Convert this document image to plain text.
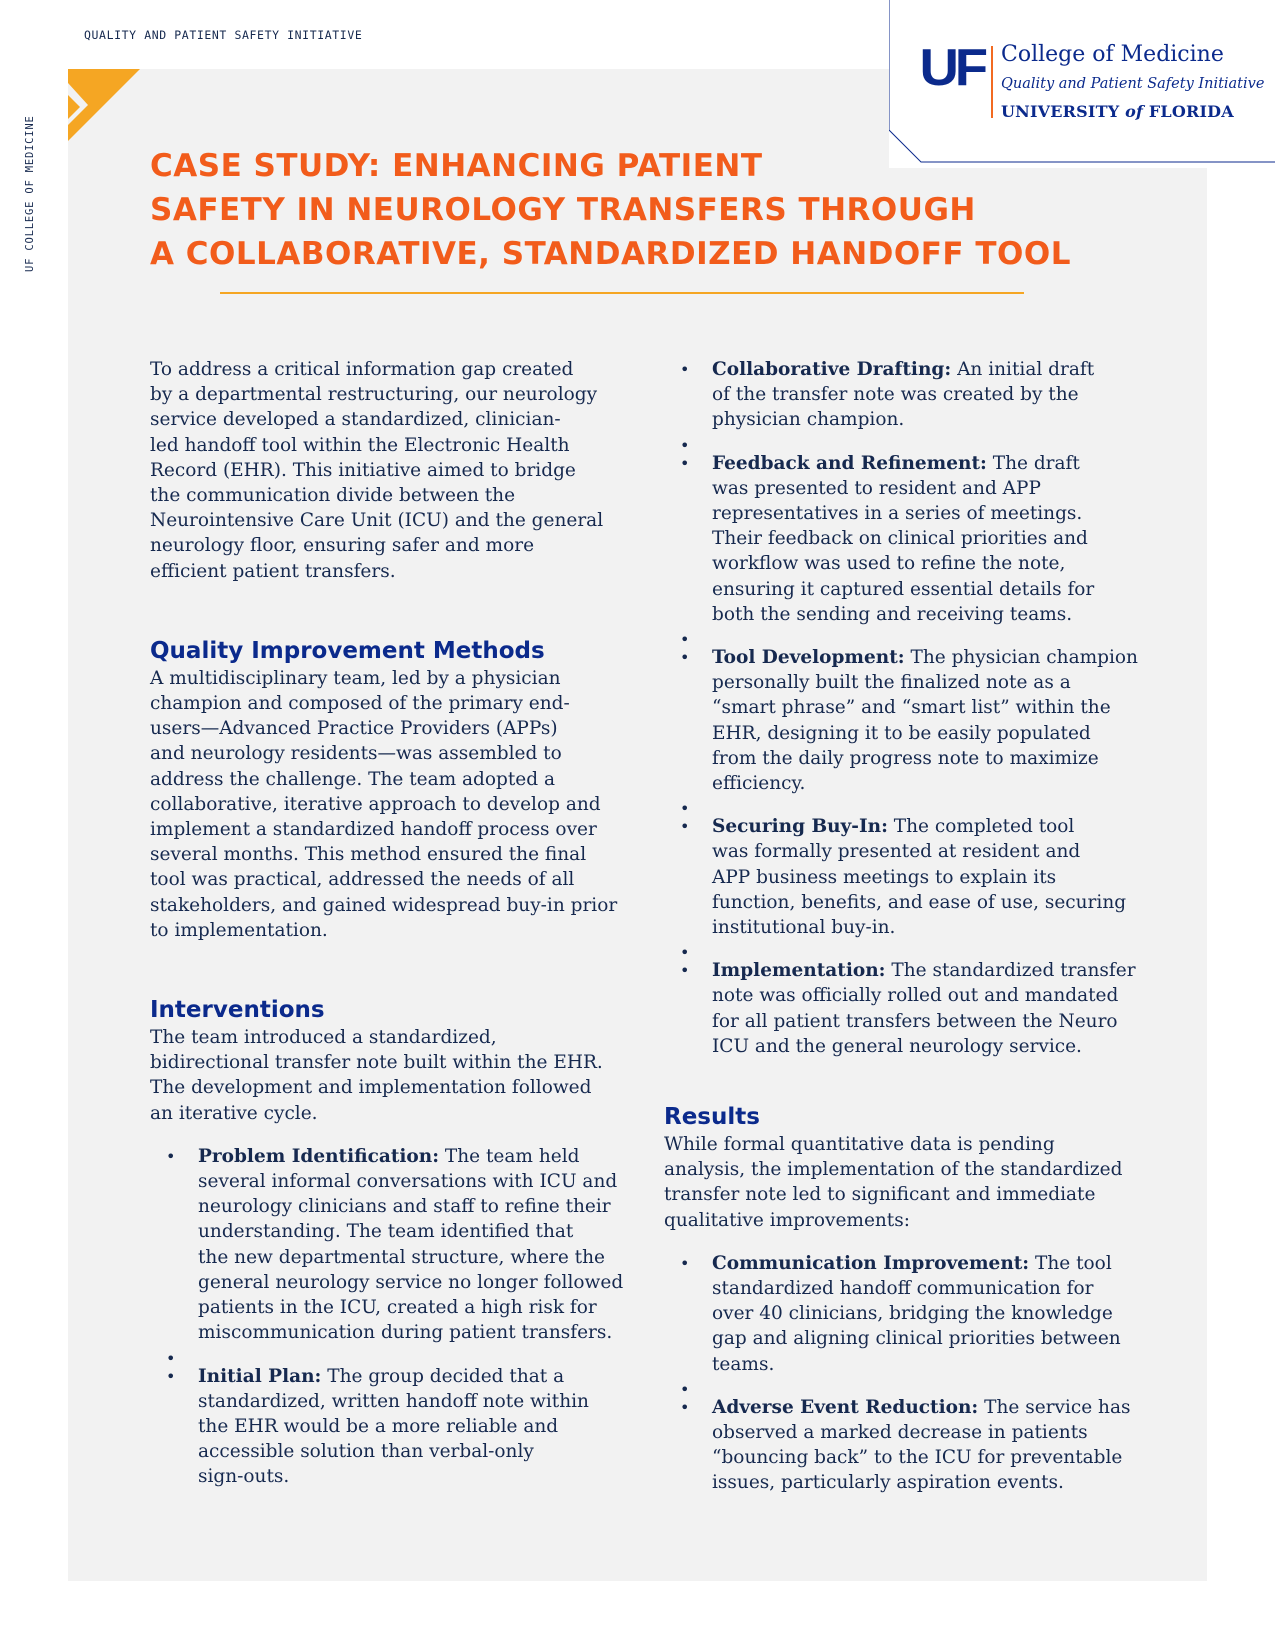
QUALITY AND PATIENT SAFETY INITIATIVE
UF COLLEGE OF MEDICINE
UF College of Medicine
Quality and Patient Safety Initiative
UNIVERSITY of FLORIDA
CASE STUDY: ENHANCING PATIENT
SAFETY IN NEUROLOGY TRANSFERS THROUGH
A COLLABORATIVE, STANDARDIZED HANDOFF TOOL

To address a critical information gap created
by a departmental restructuring, our neurology
service developed a standardized, clinician-
led handoff tool within the Electronic Health
Record (EHR). This initiative aimed to bridge
the communication divide between the
Neurointensive Care Unit (ICU) and the general
neurology floor, ensuring safer and more
efficient patient transfers.

Quality Improvement Methods

A multidisciplinary team, led by a physician
champion and composed of the primary end-
users—Advanced Practice Providers (APPs)
and neurology residents—was assembled to
address the challenge. The team adopted a
collaborative, iterative approach to develop and
implement a standardized handoff process over
several months. This method ensured the final
tool was practical, addressed the needs of all
stakeholders, and gained widespread buy-in prior
to implementation.

Interventions

The team introduced a standardized,
bidirectional transfer note built within the EHR.
The development and implementation followed
an iterative cycle.

• Problem Identification: The team held
several informal conversations with ICU and
neurology clinicians and staff to refine their
understanding. The team identified that
the new departmental structure, where the
general neurology service no longer followed
patients in the ICU, created a high risk for
miscommunication during patient transfers.
•
• Initial Plan: The group decided that a
standardized, written handoff note within
the EHR would be a more reliable and
accessible solution than verbal-only
sign-outs.
• Collaborative Drafting: An initial draft
of the transfer note was created by the
physician champion.
•
• Feedback and Refinement: The draft
was presented to resident and APP
representatives in a series of meetings.
Their feedback on clinical priorities and
workflow was used to refine the note,
ensuring it captured essential details for
both the sending and receiving teams.
•
• Tool Development: The physician champion
personally built the finalized note as a
“smart phrase” and “smart list” within the
EHR, designing it to be easily populated
from the daily progress note to maximize
efficiency.
•
• Securing Buy-In: The completed tool
was formally presented at resident and
APP business meetings to explain its
function, benefits, and ease of use, securing
institutional buy-in.
•
• Implementation: The standardized transfer
note was officially rolled out and mandated
for all patient transfers between the Neuro
ICU and the general neurology service.
Results

While formal quantitative data is pending
analysis, the implementation of the standardized
transfer note led to significant and immediate
qualitative improvements:

• Communication Improvement: The tool
standardized handoff communication for
over 40 clinicians, bridging the knowledge
gap and aligning clinical priorities between
teams.
•
• Adverse Event Reduction: The service has
observed a marked decrease in patients
“bouncing back” to the ICU for preventable
issues, particularly aspiration events.
